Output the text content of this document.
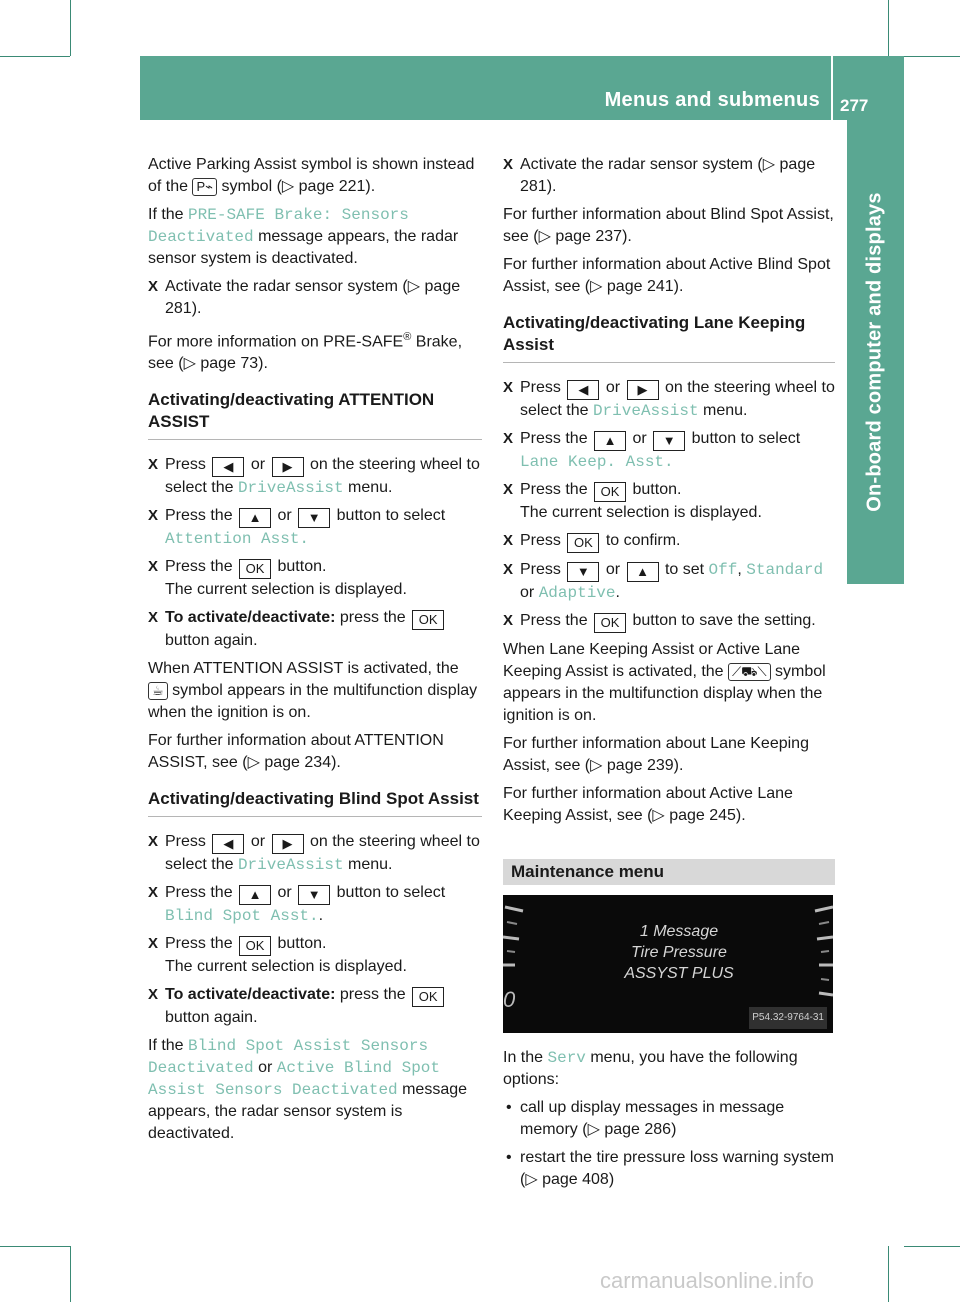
Menus and submenus 277
On-board computer and displays

Active Parking Assist symbol is shown instead of the P⌁ symbol (▷ page 221).

If the PRE-SAFE Brake: Sensors Deactivated message appears, the radar sensor system is deactivated.

X Activate the radar sensor system (▷ page 281).

For more information on PRE-SAFE® Brake, see (▷ page 73).

Activating/deactivating ATTENTION ASSIST
X Press ◀ or ▶ on the steering wheel to select the DriveAssist menu.
X Press the ▲ or ▼ button to select
Attention Asst.
X Press the OK button.
The current selection is displayed.
X To activate/deactivate: press the OK
button again.

When ATTENTION ASSIST is activated, the
☕ symbol appears in the multifunction display when the ignition is on.

For further information about ATTENTION ASSIST, see (▷ page 234).

Activating/deactivating Blind Spot Assist
X Press ◀ or ▶ on the steering wheel to select the DriveAssist menu.
X Press the ▲ or ▼ button to select
Blind Spot Asst..
X Press the OK button.
The current selection is displayed.
X To activate/deactivate: press the OK
button again.

If the Blind Spot Assist Sensors Deactivated or Active Blind Spot Assist Sensors Deactivated message appears, the radar sensor system is deactivated.

X Activate the radar sensor system (▷ page 281).

For further information about Blind Spot Assist, see (▷ page 237).

For further information about Active Blind Spot Assist, see (▷ page 241).

Activating/deactivating Lane Keeping Assist
X Press ◀ or ▶ on the steering wheel to select the DriveAssist menu.
X Press the ▲ or ▼ button to select
Lane Keep. Asst.
X Press the OK button.
The current selection is displayed.
X Press OK to confirm.
X Press ▼ or ▲ to set Off, Standard
or Adaptive.
X Press the OK button to save the setting.

When Lane Keeping Assist or Active Lane Keeping Assist is activated, the ⟋⛟⟍ symbol appears in the multifunction display when the ignition is on.

For further information about Lane Keeping Assist, see (▷ page 239).

For further information about Active Lane Keeping Assist, see (▷ page 245).

Maintenance menu
0
1 Message
Tire Pressure
ASSYST PLUS
P54.32-9764-31

In the Serv menu, you have the following options:

• call up display messages in message memory (▷ page 286)
• restart the tire pressure loss warning system (▷ page 408)
carmanualsonline.info
